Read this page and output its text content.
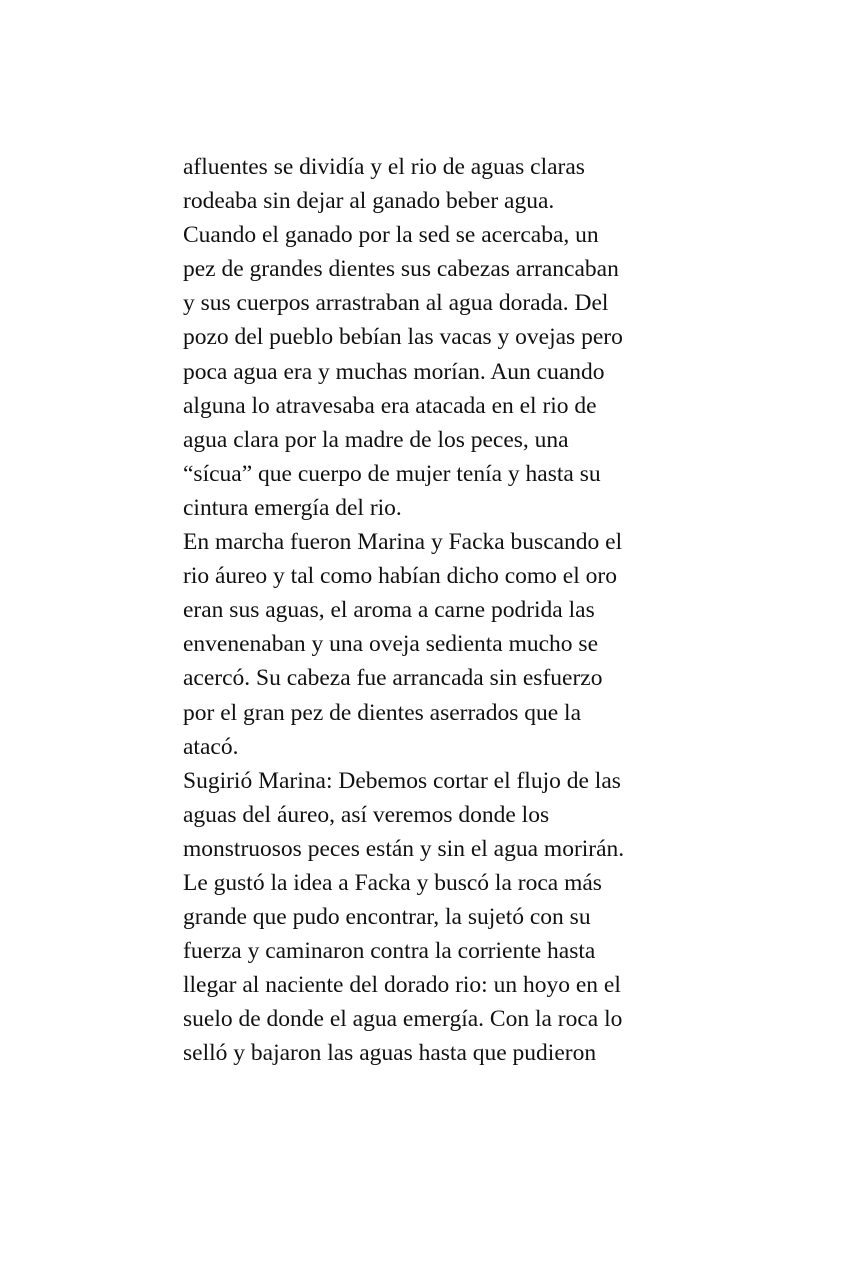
afluentes se dividía y el rio de aguas claras
rodeaba sin dejar al ganado beber agua.
Cuando el ganado por la sed se acercaba, un
pez de grandes dientes sus cabezas arrancaban
y sus cuerpos arrastraban al agua dorada. Del
pozo del pueblo bebían las vacas y ovejas pero
poca agua era y muchas morían. Aun cuando
alguna lo atravesaba era atacada en el rio de
agua clara por la madre de los peces, una
“sícua” que cuerpo de mujer tenía y hasta su
cintura emergía del rio.
En marcha fueron Marina y Facka buscando el
rio áureo y tal como habían dicho como el oro
eran sus aguas, el aroma a carne podrida las
envenenaban y una oveja sedienta mucho se
acercó. Su cabeza fue arrancada sin esfuerzo
por el gran pez de dientes aserrados que la
atacó.
Sugirió Marina: Debemos cortar el flujo de las
aguas del áureo, así veremos donde los
monstruosos peces están y sin el agua morirán.
Le gustó la idea a Facka y buscó la roca más
grande que pudo encontrar, la sujetó con su
fuerza y caminaron contra la corriente hasta
llegar al naciente del dorado rio: un hoyo en el
suelo de donde el agua emergía. Con la roca lo
selló y bajaron las aguas hasta que pudieron
